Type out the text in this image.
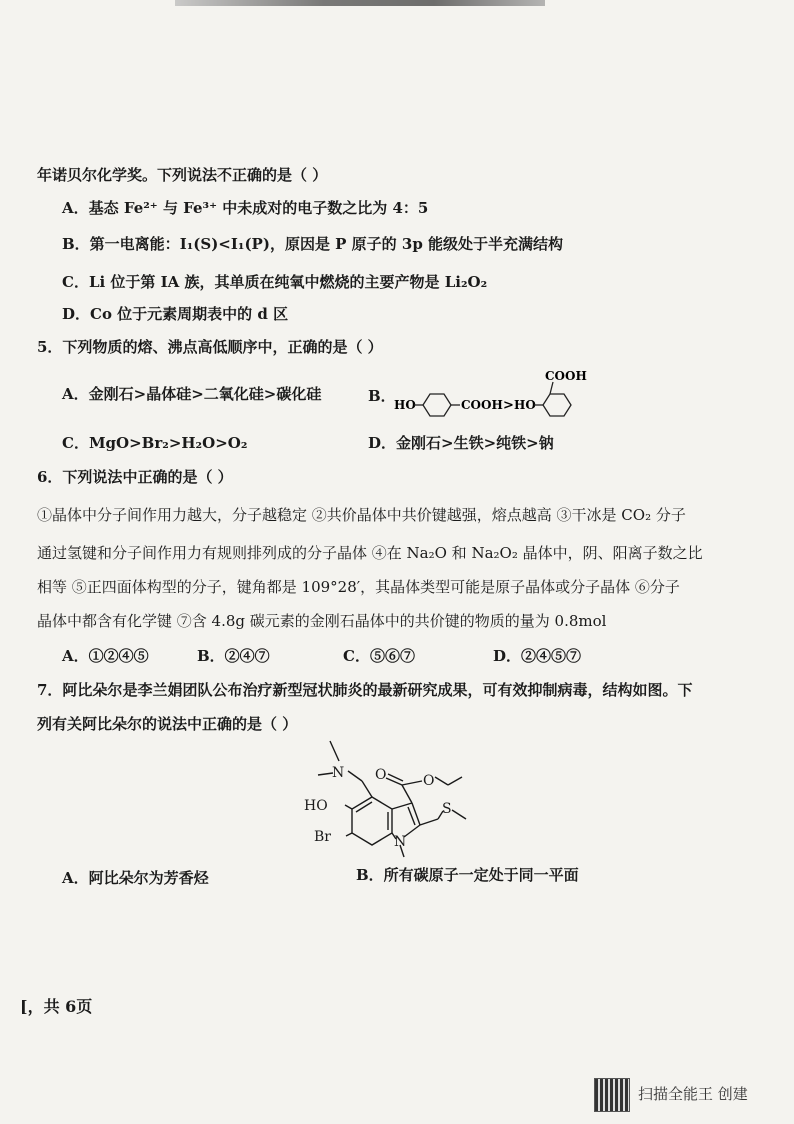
年诺贝尔化学奖。下列说法不正确的是（ ）
A．基态 Fe²⁺ 与 Fe³⁺ 中未成对的电子数之比为 4：5
B．第一电离能：I₁(S)<I₁(P)，原因是 P 原子的 3p 能级处于半充满结构
C．Li 位于第 IA 族，其单质在纯氧中燃烧的主要产物是 Li₂O₂
D．Co 位于元素周期表中的 d 区
5．下列物质的熔、沸点高低顺序中，正确的是（ ）
A．金刚石>晶体硅>二氧化硅>碳化硅	B．
HO	COOH > HO
COOH
C．MgO>Br₂>H₂O>O₂	D．金刚石>生铁>纯铁>钠
6．下列说法中正确的是（ ）
①晶体中分子间作用力越大，分子越稳定 ②共价晶体中共价键越强，熔点越高 ③干冰是 CO₂ 分子
通过氢键和分子间作用力有规则排列成的分子晶体 ④在 Na₂O 和 Na₂O₂ 晶体中，阴、阳离子数之比
相等 ⑤正四面体构型的分子，键角都是 109°28′，其晶体类型可能是原子晶体或分子晶体 ⑥分子
晶体中都含有化学键 ⑦含 4.8g 碳元素的金刚石晶体中的共价键的物质的量为 0.8mol
A．①②④⑤	B．②④⑦	C．⑤⑥⑦	D．②④⑤⑦
7．阿比朵尔是李兰娟团队公布治疗新型冠状肺炎的最新研究成果，可有效抑制病毒，结构如图。下
列有关阿比朵尔的说法中正确的是（ ）
N O	O
S
HO
Br	N
A．阿比朵尔为芳香烃	B．所有碳原子一定处于同一平面
[，共 6页
扫描全能王 创建
